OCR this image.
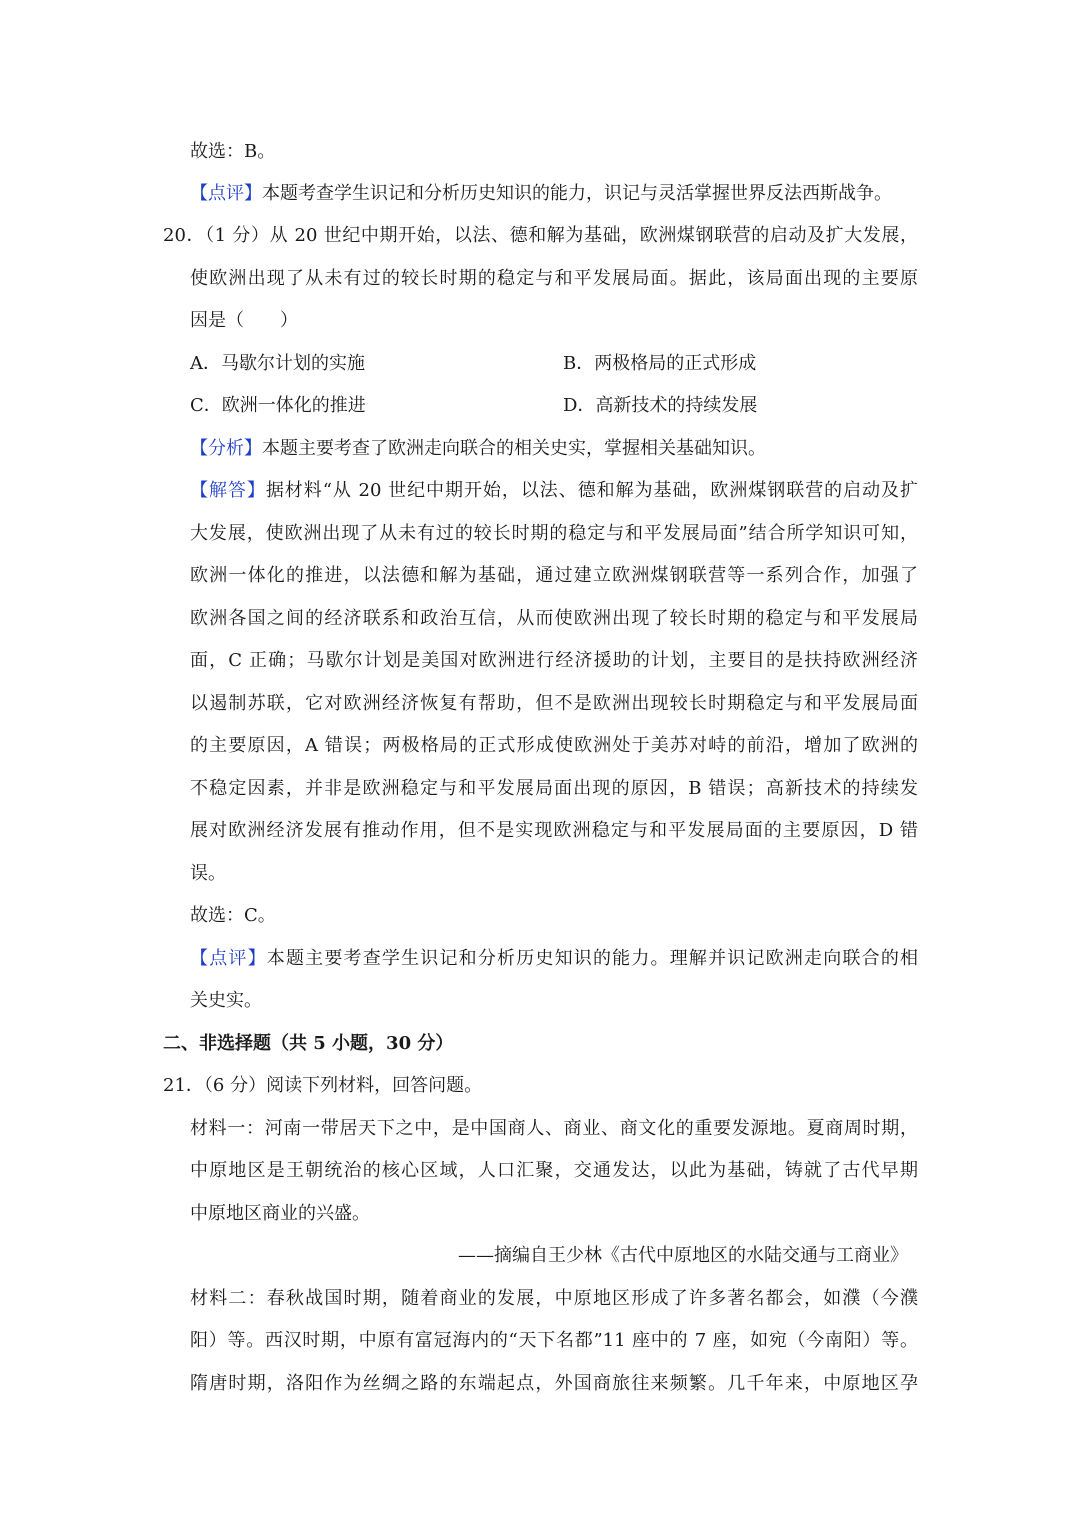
故选：B。
【点评】本题考查学生识记和分析历史知识的能力，识记与灵活掌握世界反法西斯战争。
20．（1 分）从 20 世纪中期开始，以法、德和解为基础，欧洲煤钢联营的启动及扩大发展，
使欧洲出现了从未有过的较长时期的稳定与和平发展局面。据此，该局面出现的主要原
因是（　　）
A．马歇尔计划的实施	B．两极格局的正式形成
C．欧洲一体化的推进	D．高新技术的持续发展
【分析】本题主要考查了欧洲走向联合的相关史实，掌握相关基础知识。
【解答】据材料“从 20 世纪中期开始，以法、德和解为基础，欧洲煤钢联营的启动及扩
大发展，使欧洲出现了从未有过的较长时期的稳定与和平发展局面”结合所学知识可知，
欧洲一体化的推进，以法德和解为基础，通过建立欧洲煤钢联营等一系列合作，加强了
欧洲各国之间的经济联系和政治互信，从而使欧洲出现了较长时期的稳定与和平发展局
面，C 正确；马歇尔计划是美国对欧洲进行经济援助的计划，主要目的是扶持欧洲经济
以遏制苏联，它对欧洲经济恢复有帮助，但不是欧洲出现较长时期稳定与和平发展局面
的主要原因，A 错误；两极格局的正式形成使欧洲处于美苏对峙的前沿，增加了欧洲的
不稳定因素，并非是欧洲稳定与和平发展局面出现的原因，B 错误；高新技术的持续发
展对欧洲经济发展有推动作用，但不是实现欧洲稳定与和平发展局面的主要原因，D 错
误。
故选：C。
【点评】本题主要考查学生识记和分析历史知识的能力。理解并识记欧洲走向联合的相
关史实。
二、非选择题（共 5 小题，30 分）
21．（6 分）阅读下列材料，回答问题。
材料一：河南一带居天下之中，是中国商人、商业、商文化的重要发源地。夏商周时期，
中原地区是王朝统治的核心区域，人口汇聚，交通发达，以此为基础，铸就了古代早期
中原地区商业的兴盛。
——摘编自王少林《古代中原地区的水陆交通与工商业》
材料二：春秋战国时期，随着商业的发展，中原地区形成了许多著名都会，如濮（今濮
阳）等。西汉时期，中原有富冠海内的“天下名都”11 座中的 7 座，如宛（今南阳）等。
隋唐时期，洛阳作为丝绸之路的东端起点，外国商旅往来频繁。几千年来，中原地区孕
